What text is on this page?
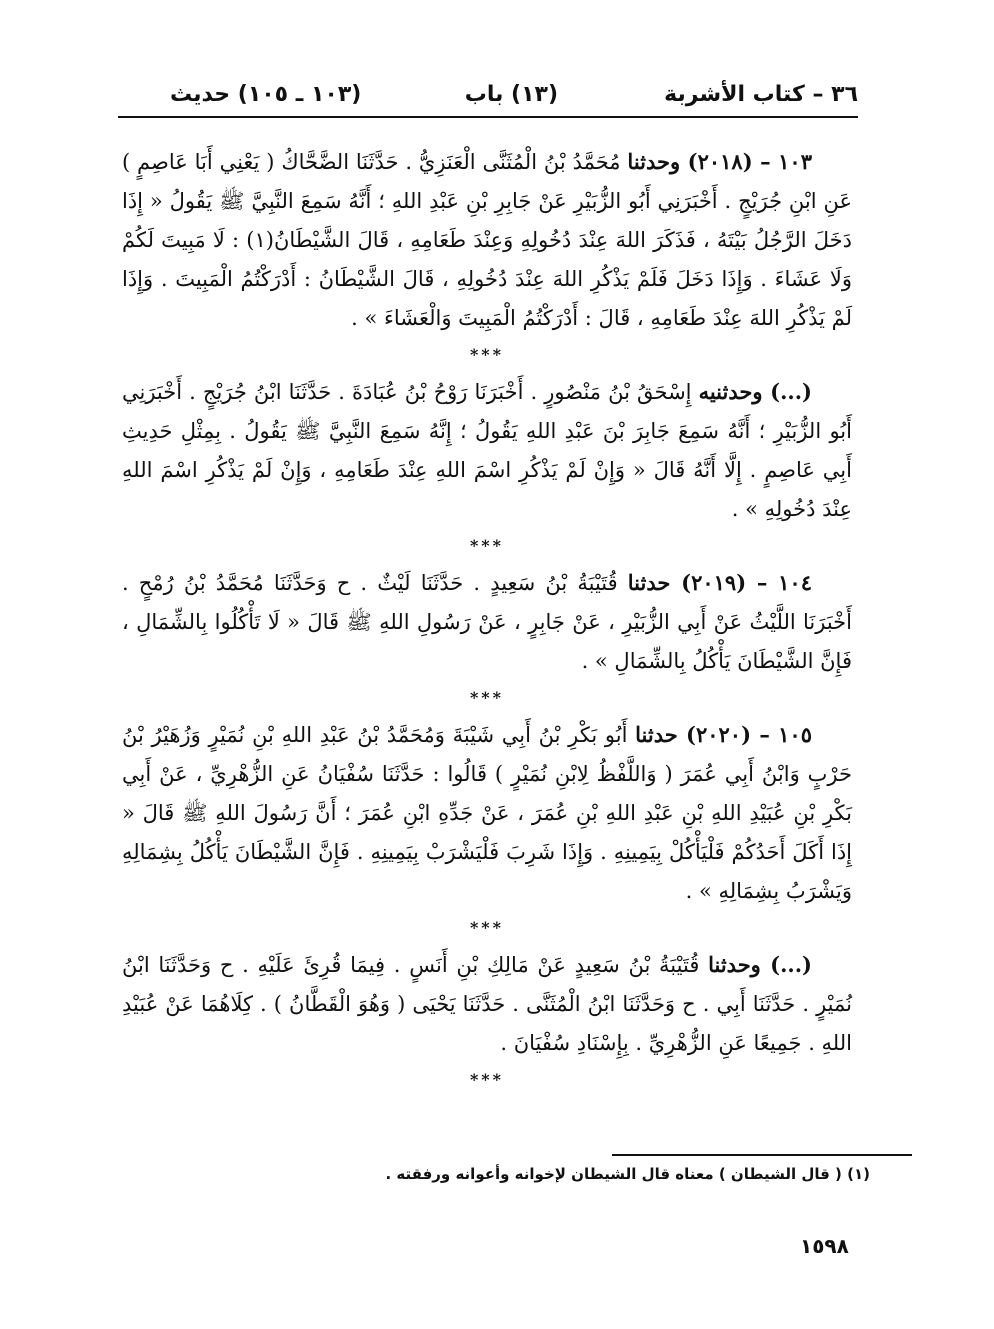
٣٦ – كتاب الأشربة
(١٣) باب
(١٠٣ ـ ١٠٥) حديث

١٠٣ – (٢٠١٨) وحدثنا مُحَمَّدُ بْنُ الْمُثَنَّى الْعَنَزِيُّ . حَدَّثَنَا الضَّحَّاكُ ( يَعْنِي أَبَا عَاصِمٍ ) عَنِ ابْنِ جُرَيْجٍ . أَخْبَرَنِي أَبُو الزُّبَيْرِ عَنْ جَابِرِ بْنِ عَبْدِ اللهِ ؛ أَنَّهُ سَمِعَ النَّبِيَّ ﷺ يَقُولُ « إِذَا دَخَلَ الرَّجُلُ بَيْتَهُ ، فَذَكَرَ اللهَ عِنْدَ دُخُولِهِ وَعِنْدَ طَعَامِهِ ، قَالَ الشَّيْطَانُ(١) : لَا مَبِيتَ لَكُمْ وَلَا عَشَاءَ . وَإِذَا دَخَلَ فَلَمْ يَذْكُرِ اللهَ عِنْدَ دُخُولِهِ ، قَالَ الشَّيْطَانُ : أَدْرَكْتُمُ الْمَبِيتَ . وَإِذَا لَمْ يَذْكُرِ اللهَ عِنْدَ طَعَامِهِ ، قَالَ : أَدْرَكْتُمُ الْمَبِيتَ وَالْعَشَاءَ » .

***

(...) وحدثنيه إِسْحَقُ بْنُ مَنْصُورٍ . أَخْبَرَنَا رَوْحُ بْنُ عُبَادَةَ . حَدَّثَنَا ابْنُ جُرَيْجٍ . أَخْبَرَنِي أَبُو الزُّبَيْرِ ؛ أَنَّهُ سَمِعَ جَابِرَ بْنَ عَبْدِ اللهِ يَقُولُ ؛ إِنَّهُ سَمِعَ النَّبِيَّ ﷺ يَقُولُ . بِمِثْلِ حَدِيثِ أَبِي عَاصِمٍ . إِلَّا أَنَّهُ قَالَ « وَإِنْ لَمْ يَذْكُرِ اسْمَ اللهِ عِنْدَ طَعَامِهِ ، وَإِنْ لَمْ يَذْكُرِ اسْمَ اللهِ عِنْدَ دُخُولِهِ » .

***

١٠٤ – (٢٠١٩) حدثنا قُتَيْبَةُ بْنُ سَعِيدٍ . حَدَّثَنَا لَيْثٌ . ح وَحَدَّثَنَا مُحَمَّدُ بْنُ رُمْحٍ . أَخْبَرَنَا اللَّيْثُ عَنْ أَبِي الزُّبَيْرِ ، عَنْ جَابِرٍ ، عَنْ رَسُولِ اللهِ ﷺ قَالَ « لَا تَأْكُلُوا بِالشِّمَالِ ، فَإِنَّ الشَّيْطَانَ يَأْكُلُ بِالشِّمَالِ » .

***

١٠٥ – (٢٠٢٠) حدثنا أَبُو بَكْرِ بْنُ أَبِي شَيْبَةَ وَمُحَمَّدُ بْنُ عَبْدِ اللهِ بْنِ نُمَيْرٍ وَزُهَيْرُ بْنُ حَرْبٍ وَابْنُ أَبِي عُمَرَ ( وَاللَّفْظُ لِابْنِ نُمَيْرٍ ) قَالُوا : حَدَّثَنَا سُفْيَانُ عَنِ الزُّهْرِيِّ ، عَنْ أَبِي بَكْرِ بْنِ عُبَيْدِ اللهِ بْنِ عَبْدِ اللهِ بْنِ عُمَرَ ، عَنْ جَدِّهِ ابْنِ عُمَرَ ؛ أَنَّ رَسُولَ اللهِ ﷺ قَالَ « إِذَا أَكَلَ أَحَدُكُمْ فَلْيَأْكُلْ بِيَمِينِهِ . وَإِذَا شَرِبَ فَلْيَشْرَبْ بِيَمِينِهِ . فَإِنَّ الشَّيْطَانَ يَأْكُلُ بِشِمَالِهِ وَيَشْرَبُ بِشِمَالِهِ » .

***

(...) وحدثنا قُتَيْبَةُ بْنُ سَعِيدٍ عَنْ مَالِكِ بْنِ أَنَسٍ . فِيمَا قُرِئَ عَلَيْهِ . ح وَحَدَّثَنَا ابْنُ نُمَيْرٍ . حَدَّثَنَا أَبِي . ح وَحَدَّثَنَا ابْنُ الْمُثَنَّى . حَدَّثَنَا يَحْيَى ( وَهُوَ الْقَطَّانُ ) . كِلَاهُمَا عَنْ عُبَيْدِ اللهِ . جَمِيعًا عَنِ الزُّهْرِيِّ . بِإِسْنَادِ سُفْيَانَ .

***
(١) ( قال الشيطان ) معناه قال الشيطان لإخوانه وأعوانه ورفقته .
١٥٩٨
